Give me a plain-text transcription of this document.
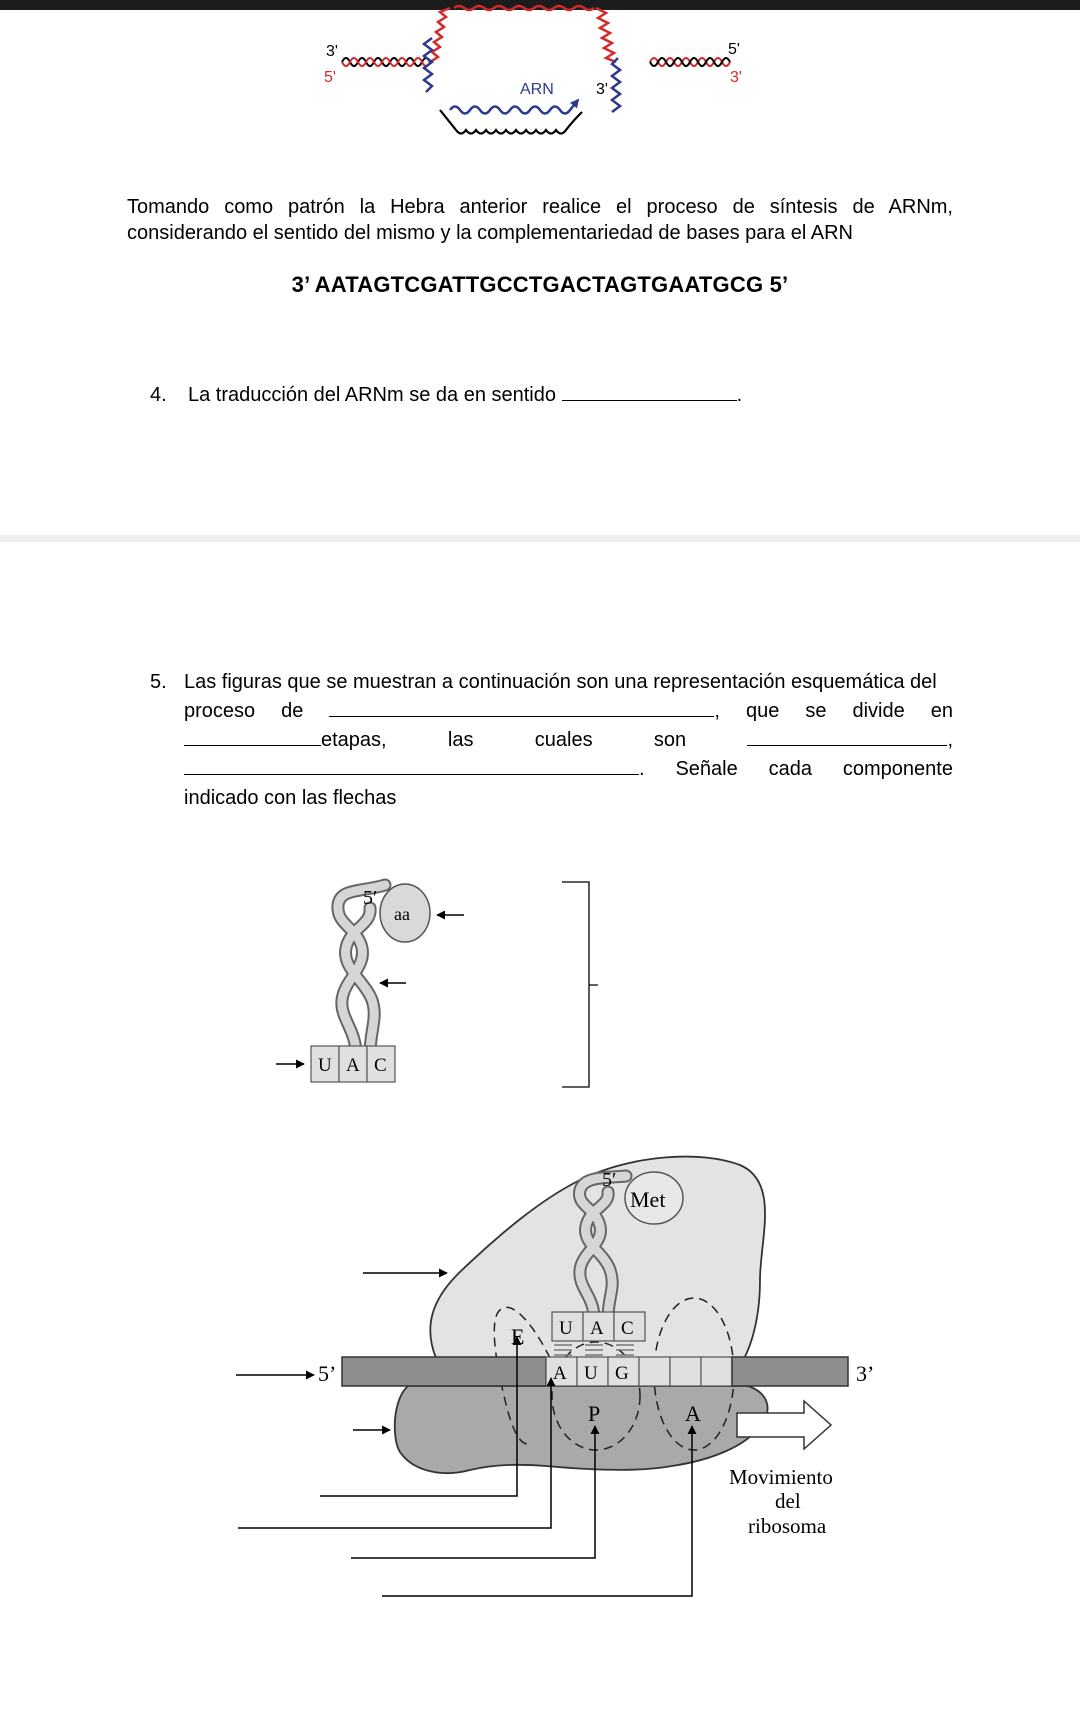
3'
5'
5'
3'
ARN	3'
aa
5′
U A C
A U G
5’	3’
Met
5′
U A C
E
P	A
Movimiento
del
ribosoma
Tomando como patrón la Hebra anterior realice el proceso de síntesis de ARNm,
considerando el sentido del mismo y la complementariedad de bases para el ARN
3’ AATAGTCGATTGCCTGACTAGTGAATGCG 5’
4. La traducción del ARNm se da en sentido	.
5. Las figuras que se muestran a continuación son una representación esquemática del
proceso de	, que se divide en
etapas,	las	cuales	son	,
. Señale cada componente
indicado con las flechas
